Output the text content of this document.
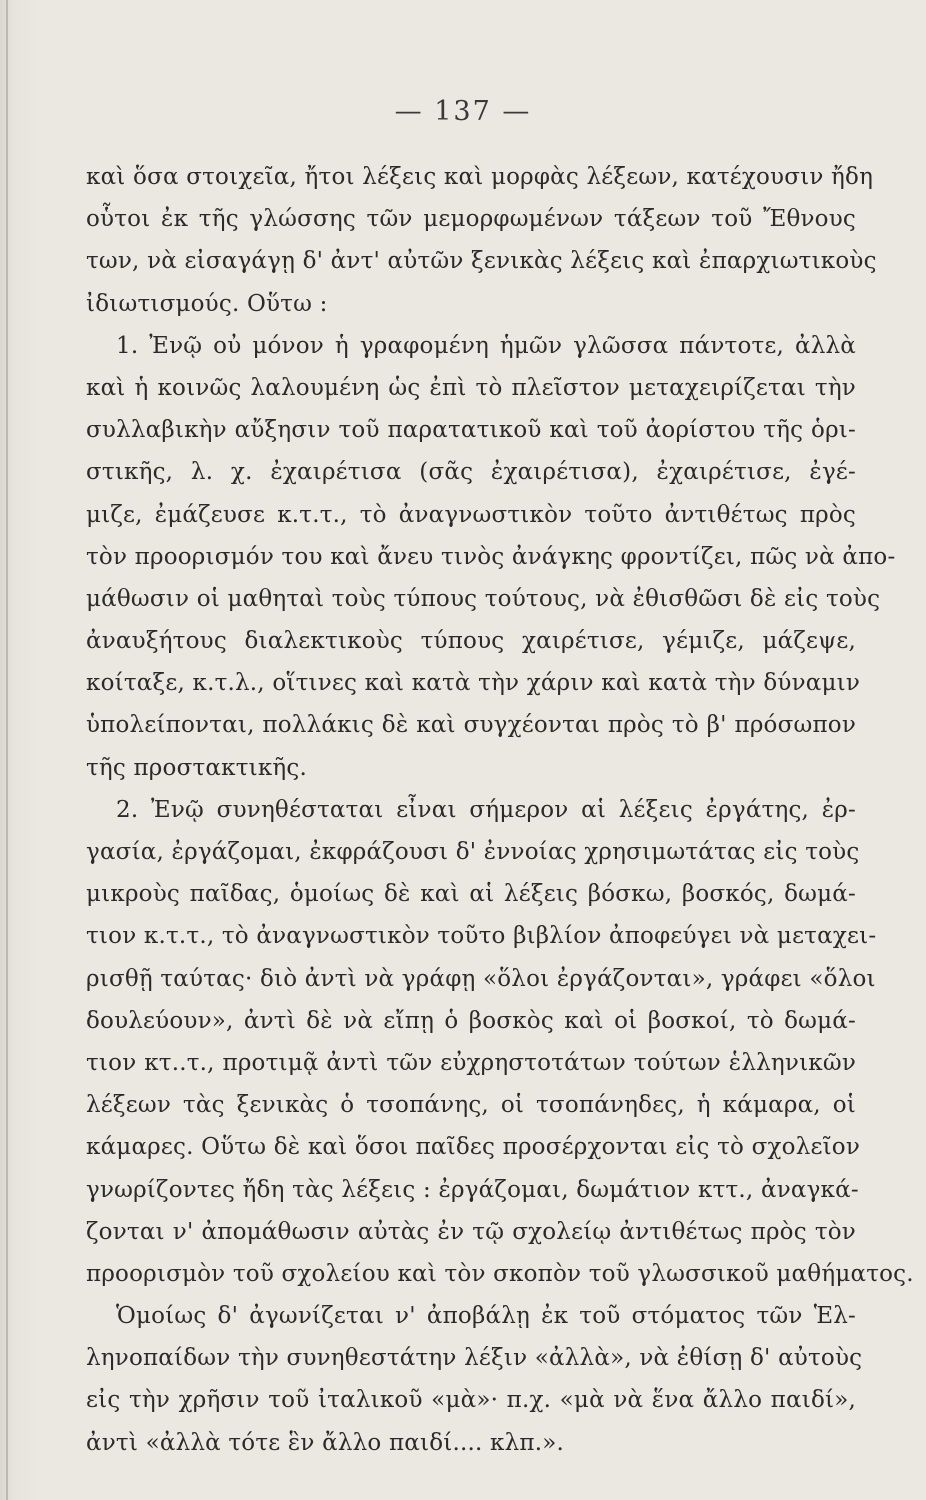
— 137 —
καὶ ὅσα στοιχεῖα, ἤτοι λέξεις καὶ μορφὰς λέξεων, κατέχουσιν ἤδη
οὗτοι ἐκ τῆς γλώσσης τῶν μεμορφωμένων τάξεων τοῦ Ἔθνους
των, νὰ εἰσαγάγῃ δ' ἀντ' αὐτῶν ξενικὰς λέξεις καὶ ἐπαρχιωτικοὺς
ἰδιωτισμούς. Οὕτω :
1. Ἐνῷ οὐ μόνον ἡ γραφομένη ἡμῶν γλῶσσα πάντοτε, ἀλλὰ
καὶ ἡ κοινῶς λαλουμένη ὡς ἐπὶ τὸ πλεῖστον μεταχειρίζεται τὴν
συλλαβικὴν αὔξησιν τοῦ παρατατικοῦ καὶ τοῦ ἀορίστου τῆς ὁρι-
στικῆς, λ. χ. ἐχαιρέτισα (σᾶς ἐχαιρέτισα), ἐχαιρέτισε, ἐγέ-
μιζε, ἐμάζευσε κ.τ.τ., τὸ ἀναγνωστικὸν τοῦτο ἀντιθέτως πρὸς
τὸν προορισμόν του καὶ ἄνευ τινὸς ἀνάγκης φροντίζει, πῶς νὰ ἀπο-
μάθωσιν οἱ μαθηταὶ τοὺς τύπους τούτους, νὰ ἐθισθῶσι δὲ εἰς τοὺς
ἀναυξήτους διαλεκτικοὺς τύπους χαιρέτισε, γέμιζε, μάζεψε,
κοίταξε, κ.τ.λ., οἵτινες καὶ κατὰ τὴν χάριν καὶ κατὰ τὴν δύναμιν
ὑπολείπονται, πολλάκις δὲ καὶ συγχέονται πρὸς τὸ β' πρόσωπον
τῆς προστακτικῆς.
2. Ἐνῷ συνηθέσταται εἶναι σήμερον αἱ λέξεις ἐργάτης, ἐρ-
γασία, ἐργάζομαι, ἐκφράζουσι δ' ἐννοίας χρησιμωτάτας εἰς τοὺς
μικροὺς παῖδας, ὁμοίως δὲ καὶ αἱ λέξεις βόσκω, βοσκός, δωμά-
τιον κ.τ.τ., τὸ ἀναγνωστικὸν τοῦτο βιβλίον ἀποφεύγει νὰ μεταχει-
ρισθῇ ταύτας· διὸ ἀντὶ νὰ γράφῃ «ὅλοι ἐργάζονται», γράφει «ὅλοι
δουλεύουν», ἀντὶ δὲ νὰ εἴπῃ ὁ βοσκὸς καὶ οἱ βοσκοί, τὸ δωμά-
τιον κτ..τ., προτιμᾷ ἀντὶ τῶν εὐχρηστοτάτων τούτων ἑλληνικῶν
λέξεων τὰς ξενικὰς ὁ τσοπάνης, οἱ τσοπάνηδες, ἡ κάμαρα, οἱ
κάμαρες. Οὕτω δὲ καὶ ὅσοι παῖδες προσέρχονται εἰς τὸ σχολεῖον
γνωρίζοντες ἤδη τὰς λέξεις : ἐργάζομαι, δωμάτιον κττ., ἀναγκά-
ζονται ν' ἀπομάθωσιν αὐτὰς ἐν τῷ σχολείῳ ἀντιθέτως πρὸς τὸν
προορισμὸν τοῦ σχολείου καὶ τὸν σκοπὸν τοῦ γλωσσικοῦ μαθήματος.
Ὁμοίως δ' ἀγωνίζεται ν' ἀποβάλῃ ἐκ τοῦ στόματος τῶν Ἑλ-
ληνοπαίδων τὴν συνηθεστάτην λέξιν «ἀλλὰ», νὰ ἐθίσῃ δ' αὐτοὺς
εἰς τὴν χρῆσιν τοῦ ἰταλικοῦ «μὰ»· π.χ. «μὰ νὰ ἕνα ἄλλο παιδί»,
ἀντὶ «ἀλλὰ τότε ἓν ἄλλο παιδί.... κλπ.».
